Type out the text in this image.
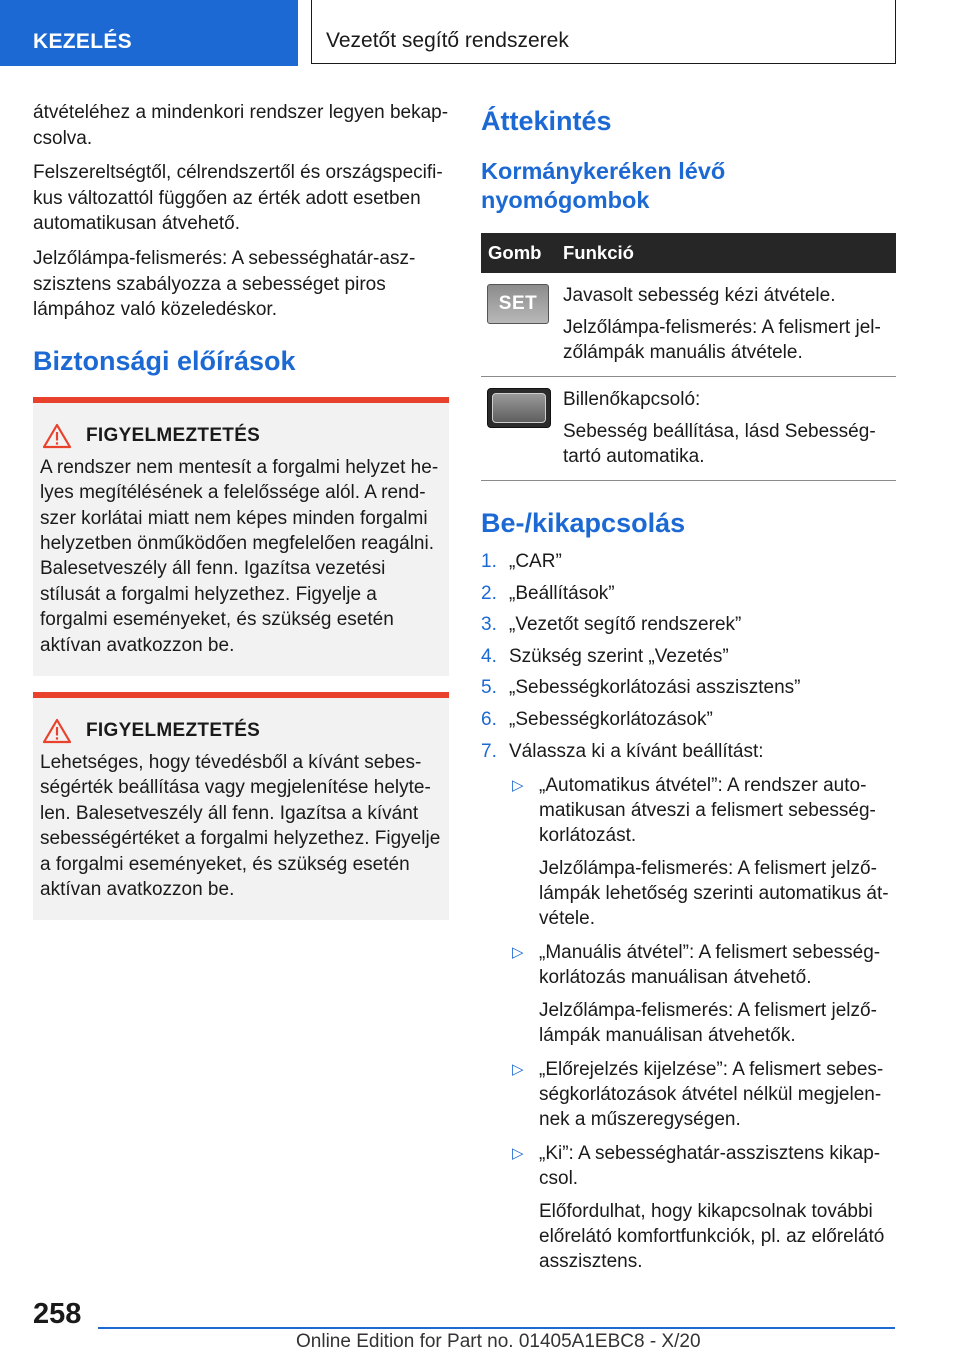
KEZELÉS	Vezetőt segítő rendszerek

átvételéhez a mindenkori rendszer legyen bekapcsolva.

Felszereltségtől, célrendszertől és országspecifikus változattól függően az érték adott esetben automatikusan átvehető.

Jelzőlámpa-felismerés: A sebességhatár-aszszisztens szabályozza a sebességet piros lámpához való közeledéskor.

Biztonsági előírások
FIGYELMEZTETÉS

A rendszer nem mentesít a forgalmi helyzet helyes megítélésének a felelőssége alól. A rendszer korlátai miatt nem képes minden forgalmi helyzetben önműködően megfelelően reagálni. Balesetveszély áll fenn. Igazítsa vezetési stílusát a forgalmi helyzethez. Figyelje a forgalmi eseményeket, és szükség esetén aktívan avatkozzon be.

FIGYELMEZTETÉS

Lehetséges, hogy tévedésből a kívánt sebességérték beállítása vagy megjelenítése helytelen. Balesetveszély áll fenn. Igazítsa a kívánt sebességértéket a forgalmi helyzethez. Figyelje a forgalmi eseményeket, és szükség esetén aktívan avatkozzon be.

Áttekintés
Kormánykeréken lévő nyomógombok
Gomb	Funkció

SET	Javasolt sebesség kézi átvétele.

Jelzőlámpa-felismerés: A felismert jelzőlámpák manuális átvétele.

	Billenőkapcsoló:

Sebesség beállítása, lásd Sebességtartó automatika.

Be-/kikapcsolás
1. „CAR”
2. „Beállítások”
3. „Vezetőt segítő rendszerek”
4. Szükség szerint „Vezetés”
5. „Sebességkorlátozási asszisztens”
6. „Sebességkorlátozások”
7. Válassza ki a kívánt beállítást:
▷ „Automatikus átvétel”: A rendszer automatikusan átveszi a felismert sebességkorlátozást.

Jelzőlámpa-felismerés: A felismert jelzőlámpák lehetőség szerinti automatikus átvétele.

▷ „Manuális átvétel”: A felismert sebességkorlátozás manuálisan átvehető.

Jelzőlámpa-felismerés: A felismert jelzőlámpák manuálisan átvehetők.

▷ „Előrejelzés kijelzése”: A felismert sebességkorlátozások átvétel nélkül megjelennek a műszeregységen.

▷ „Ki”: A sebességhatár-asszisztens kikapcsol.

Előfordulhat, hogy kikapcsolnak további előrelátó komfortfunkciók, pl. az előrelátó asszisztens.

258
Online Edition for Part no. 01405A1EBC8 - X/20
